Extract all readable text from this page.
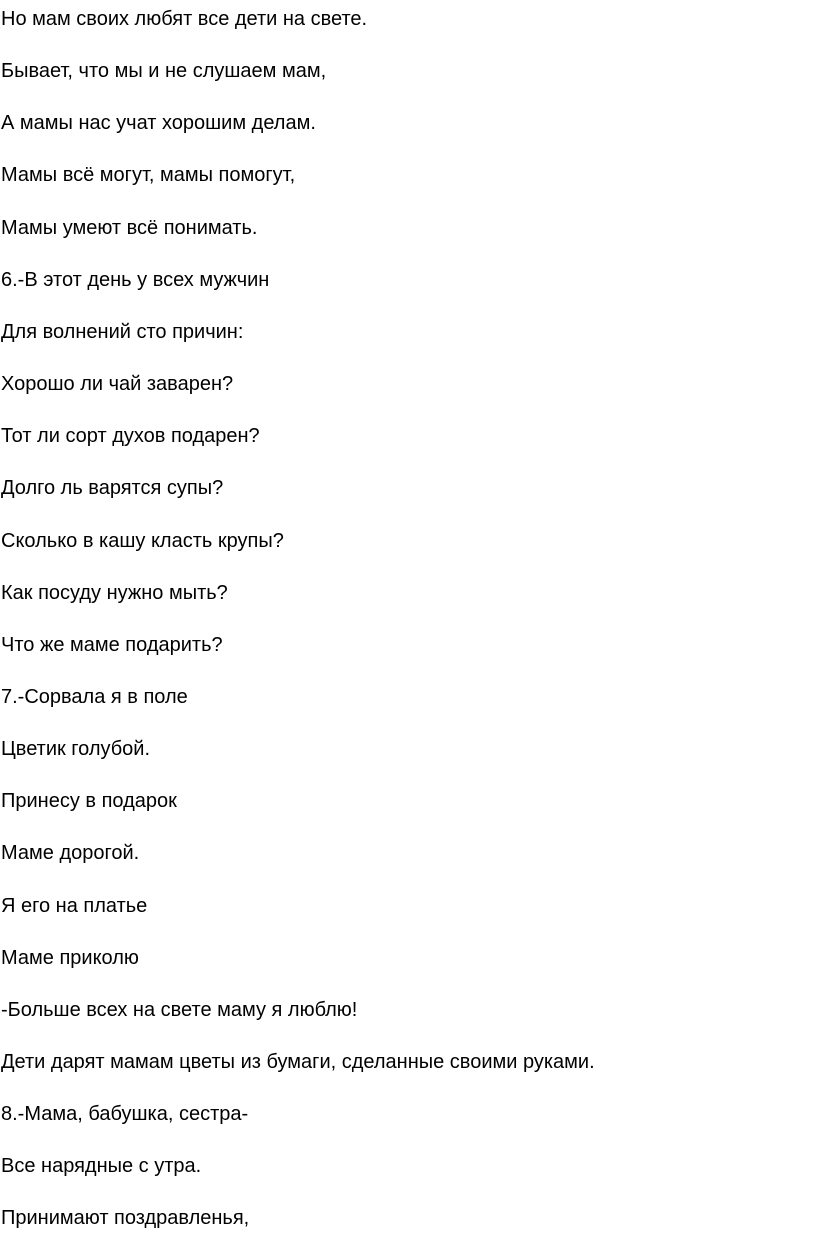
Но мам своих любят все дети на свете.

Бывает, что мы и не слушаем мам,

А мамы нас учат хорошим делам.

Мамы всё могут, мамы помогут,

Мамы умеют всё понимать.

6.-В этот день у всех мужчин

Для волнений сто причин:

Хорошо ли чай заварен?

Тот ли сорт духов подарен?

Долго ль варятся супы?

Сколько в кашу класть крупы?

Как посуду нужно мыть?

Что же маме подарить?

7.-Сорвала я в поле

Цветик голубой.

Принесу в подарок

Маме дорогой.

Я его на платье

Маме приколю

-Больше всех на свете маму я люблю!

Дети дарят мамам цветы из бумаги, сделанные своими руками.

8.-Мама, бабушка, сестра-

Все нарядные с утра.

Принимают поздравленья,
